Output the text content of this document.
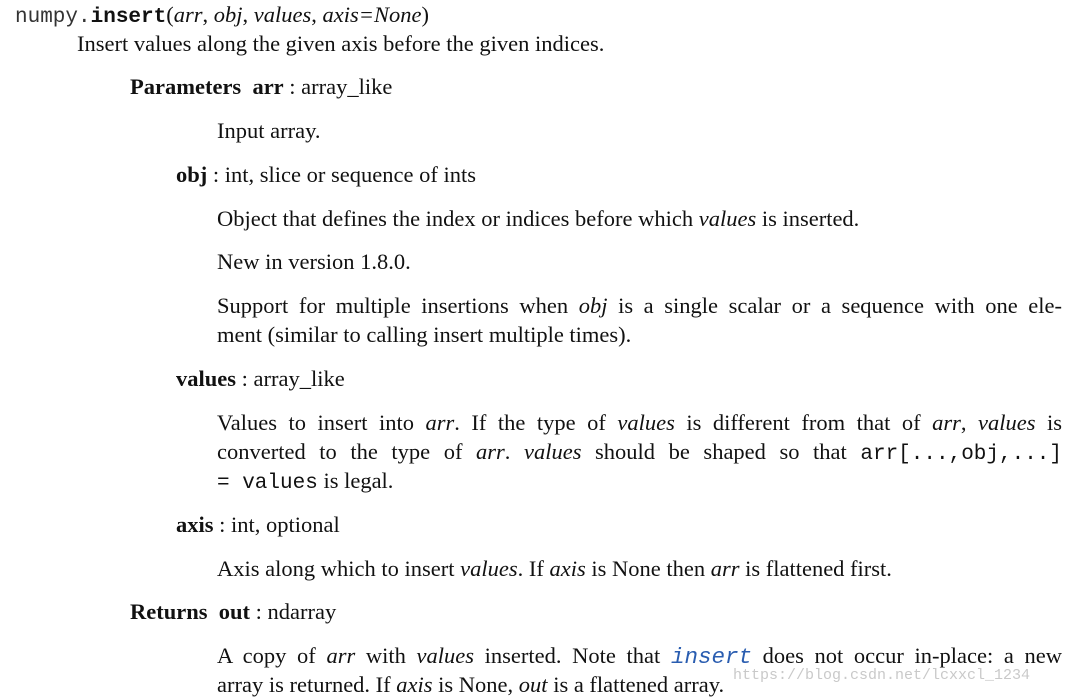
numpy.insert(arr, obj, values, axis=None)
Insert values along the given axis before the given indices.
Parameters arr : array_like
Input array.
obj : int, slice or sequence of ints
Object that defines the index or indices before which values is inserted.
New in version 1.8.0.
Support for multiple insertions when obj is a single scalar or a sequence with one ele-
ment (similar to calling insert multiple times).
values : array_like
Values to insert into arr. If the type of values is different from that of arr, values is
converted to the type of arr. values should be shaped so that arr[...,obj,...]
= values is legal.
axis : int, optional
Axis along which to insert values. If axis is None then arr is flattened first.
Returns out : ndarray
A copy of arr with values inserted. Note that insert does not occur in-place: a new
array is returned. If axis is None, out is a flattened array. https://blog.csdn.net/lcxxcl_1234
